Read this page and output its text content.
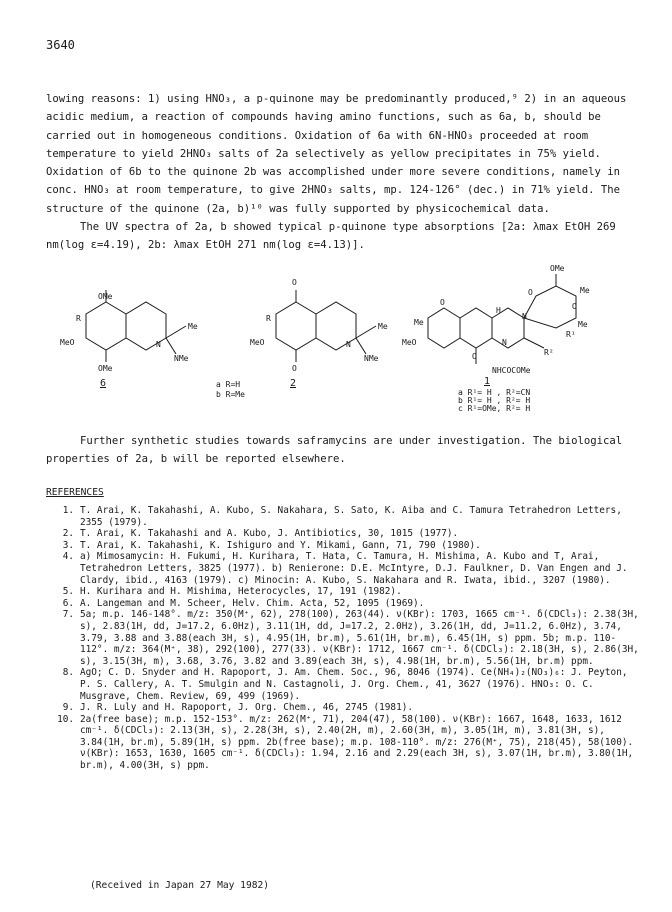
3640

lowing reasons: 1) using HNO₃, a p-quinone may be predominantly produced,⁹ 2) in an aqueous acidic medium, a reaction of compounds having amino functions, such as 6a, b, should be carried out in homogeneous conditions. Oxidation of 6a with 6N-HNO₃ proceeded at room temperature to yield 2HNO₃ salts of 2a selectively as yellow precipitates in 75% yield. Oxidation of 6b to the quinone 2b was accomplished under more severe conditions, namely in conc. HNO₃ at room temperature, to give 2HNO₃ salts, mp. 124-126° (dec.) in 71% yield. The structure of the quinone (2a, b)¹⁰ was fully supported by physicochemical data.

The UV spectra of 2a, b showed typical p-quinone type absorptions [2a: λmax EtOH 269 nm(log ε=4.19), 2b: λmax EtOH 271 nm(log ε=4.13)].

OMe
R
MeO	N
Me
NMe
OMe
6	a R=H
b R=Me
O
R
MeO	N
Me
NMe
O
2
OMe
Me
O
O
H
Me
MeO
N
N
Me
R¹
R²
O
O
NHCOCOMe
1
a R¹= H , R²=CN
b R¹= H , R²= H
c R¹=OMe, R²= H

Further synthetic studies towards saframycins are under investigation. The biological properties of 2a, b will be reported elsewhere.

REFERENCES
1. T. Arai, K. Takahashi, A. Kubo, S. Nakahara, S. Sato, K. Aiba and C. Tamura Tetrahedron Letters, 2355 (1979).
2. T. Arai, K. Takahashi and A. Kubo, J. Antibiotics, 30, 1015 (1977).
3. T. Arai, K. Takahashi, K. Ishiguro and Y. Mikami, Gann, 71, 790 (1980).
4. a) Mimosamycin: H. Fukumi, H. Kurihara, T. Hata, C. Tamura, H. Mishima, A. Kubo and T, Arai, Tetrahedron Letters, 3825 (1977). b) Renierone: D.E. McIntyre, D.J. Faulkner, D. Van Engen and J. Clardy, ibid., 4163 (1979). c) Minocin: A. Kubo, S. Nakahara and R. Iwata, ibid., 3207 (1980).
5. H. Kurihara and H. Mishima, Heterocycles, 17, 191 (1982).
6. A. Langeman and M. Scheer, Helv. Chim. Acta, 52, 1095 (1969).
7. 5a; m.p. 146-148°. m/z: 350(M⁺, 62), 278(100), 263(44). ν(KBr): 1703, 1665 cm⁻¹. δ(CDCl₃): 2.38(3H, s), 2.83(1H, dd, J=17.2, 6.0Hz), 3.11(1H, dd, J=17.2, 2.0Hz), 3.26(1H, dd, J=11.2, 6.0Hz), 3.74, 3.79, 3.88 and 3.88(each 3H, s), 4.95(1H, br.m), 5.61(1H, br.m), 6.45(1H, s) ppm. 5b; m.p. 110-112°. m/z: 364(M⁺, 38), 292(100), 277(33). ν(KBr): 1712, 1667 cm⁻¹. δ(CDCl₃): 2.18(3H, s), 2.86(3H, s), 3.15(3H, m), 3.68, 3.76, 3.82 and 3.89(each 3H, s), 4.98(1H, br.m), 5.56(1H, br.m) ppm.
8. AgO; C. D. Snyder and H. Rapoport, J. Am. Chem. Soc., 96, 8046 (1974). Ce(NH₄)₂(NO₃)₆: J. Peyton, P. S. Callery, A. T. Smulgin and N. Castagnoli, J. Org. Chem., 41, 3627 (1976). HNO₃: O. C. Musgrave, Chem. Review, 69, 499 (1969).
9. J. R. Luly and H. Rapoport, J. Org. Chem., 46, 2745 (1981).
10. 2a(free base); m.p. 152-153°. m/z: 262(M⁺, 71), 204(47), 58(100). ν(KBr): 1667, 1648, 1633, 1612 cm⁻¹. δ(CDCl₃): 2.13(3H, s), 2.28(3H, s), 2.40(2H, m), 2.60(3H, m), 3.05(1H, m), 3.81(3H, s), 3.84(1H, br.m), 5.89(1H, s) ppm. 2b(free base); m.p. 108-110°. m/z: 276(M⁺, 75), 218(45), 58(100). ν(KBr): 1653, 1630, 1605 cm⁻¹. δ(CDCl₃): 1.94, 2.16 and 2.29(each 3H, s), 3.07(1H, br.m), 3.80(1H, br.m), 4.00(3H, s) ppm.
(Received in Japan 27 May 1982)
